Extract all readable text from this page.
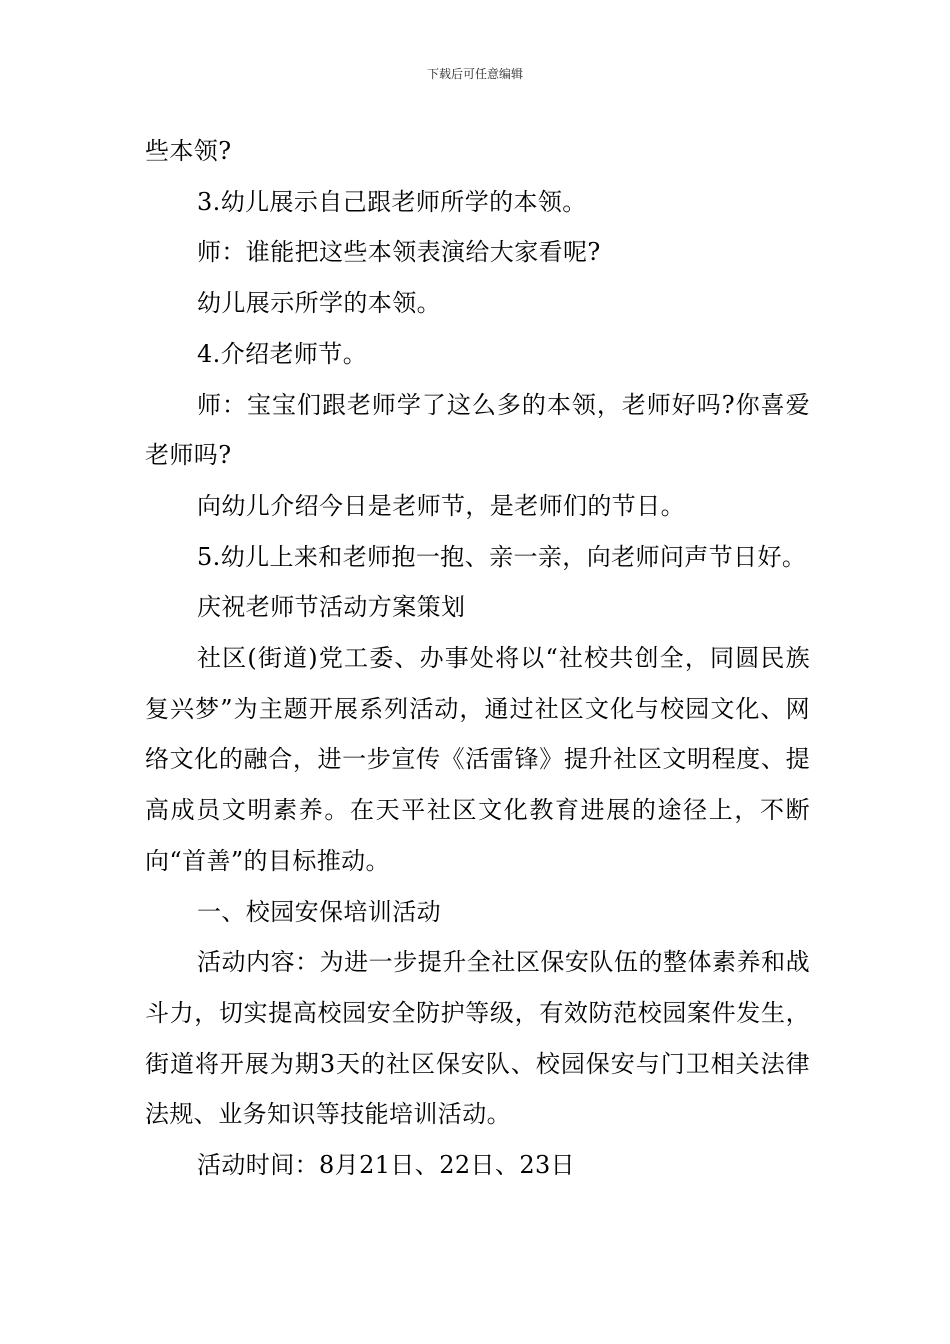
下载后可任意编辑

些本领?

3.幼儿展示自己跟老师所学的本领。

师：谁能把这些本领表演给大家看呢?

幼儿展示所学的本领。

4.介绍老师节。

师：宝宝们跟老师学了这么多的本领，老师好吗?你喜爱老师吗?

向幼儿介绍今日是老师节，是老师们的节日。

5.幼儿上来和老师抱一抱、亲一亲，向老师问声节日好。

庆祝老师节活动方案策划

社区(街道)党工委、办事处将以“社校共创全，同圆民族复兴梦”为主题开展系列活动，通过社区文化与校园文化、网络文化的融合，进一步宣传《活雷锋》提升社区文明程度、提高成员文明素养。在天平社区文化教育进展的途径上，不断向“首善”的目标推动。

一、校园安保培训活动

活动内容：为进一步提升全社区保安队伍的整体素养和战斗力，切实提高校园安全防护等级，有效防范校园案件发生，街道将开展为期3天的社区保安队、校园保安与门卫相关法律法规、业务知识等技能培训活动。

活动时间：8月21日、22日、23日
